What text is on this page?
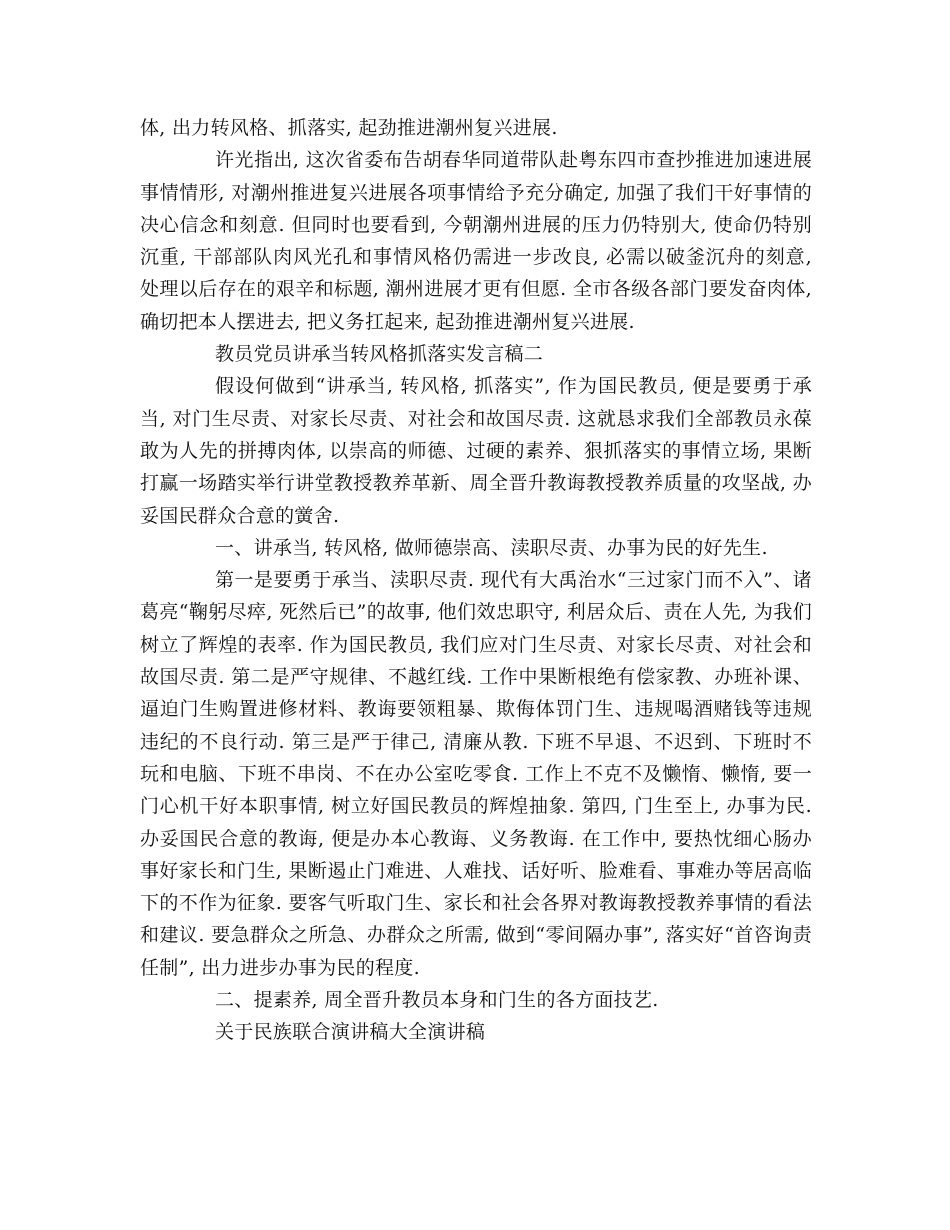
体, 出力转风格、抓落实, 起劲推进潮州复兴进展.

许光指出, 这次省委布告胡春华同道带队赴粤东四市查抄推进加速进展事情情形, 对潮州推进复兴进展各项事情给予充分确定, 加强了我们干好事情的决心信念和刻意. 但同时也要看到, 今朝潮州进展的压力仍特别大, 使命仍特别沉重, 干部部队肉风光孔和事情风格仍需进一步改良, 必需以破釜沉舟的刻意, 处理以后存在的艰辛和标题, 潮州进展才更有但愿. 全市各级各部门要发奋肉体, 确切把本人摆进去, 把义务扛起来, 起劲推进潮州复兴进展.

教员党员讲承当转风格抓落实发言稿二

假设何做到“讲承当, 转风格, 抓落实”, 作为国民教员, 便是要勇于承当, 对门生尽责、对家长尽责、对社会和故国尽责. 这就恳求我们全部教员永葆敢为人先的拼搏肉体, 以崇高的师德、过硬的素养、狠抓落实的事情立场, 果断打赢一场踏实举行讲堂教授教养革新、周全晋升教诲教授教养质量的攻坚战, 办妥国民群众合意的黉舍.

一、讲承当, 转风格, 做师德崇高、渎职尽责、办事为民的好先生.

第一是要勇于承当、渎职尽责. 现代有大禹治水“三过家门而不入”、诸葛亮“鞠躬尽瘁, 死然后已”的故事, 他们效忠职守, 利居众后、责在人先, 为我们树立了辉煌的表率. 作为国民教员, 我们应对门生尽责、对家长尽责、对社会和故国尽责. 第二是严守规律、不越红线. 工作中果断根绝有偿家教、办班补课、逼迫门生购置进修材料、教诲要领粗暴、欺侮体罚门生、违规喝酒赌钱等违规违纪的不良行动. 第三是严于律己, 清廉从教. 下班不早退、不迟到、下班时不玩和电脑、下班不串岗、不在办公室吃零食. 工作上不克不及懒惰、懒惰, 要一门心机干好本职事情, 树立好国民教员的辉煌抽象. 第四, 门生至上, 办事为民. 办妥国民合意的教诲, 便是办本心教诲、义务教诲. 在工作中, 要热忱细心肠办事好家长和门生, 果断遏止门难进、人难找、话好听、脸难看、事难办等居高临下的不作为征象. 要客气听取门生、家长和社会各界对教诲教授教养事情的看法和建议. 要急群众之所急、办群众之所需, 做到“零间隔办事”, 落实好“首咨询责任制”, 出力进步办事为民的程度.

二、提素养, 周全晋升教员本身和门生的各方面技艺.

关于民族联合演讲稿大全演讲稿
